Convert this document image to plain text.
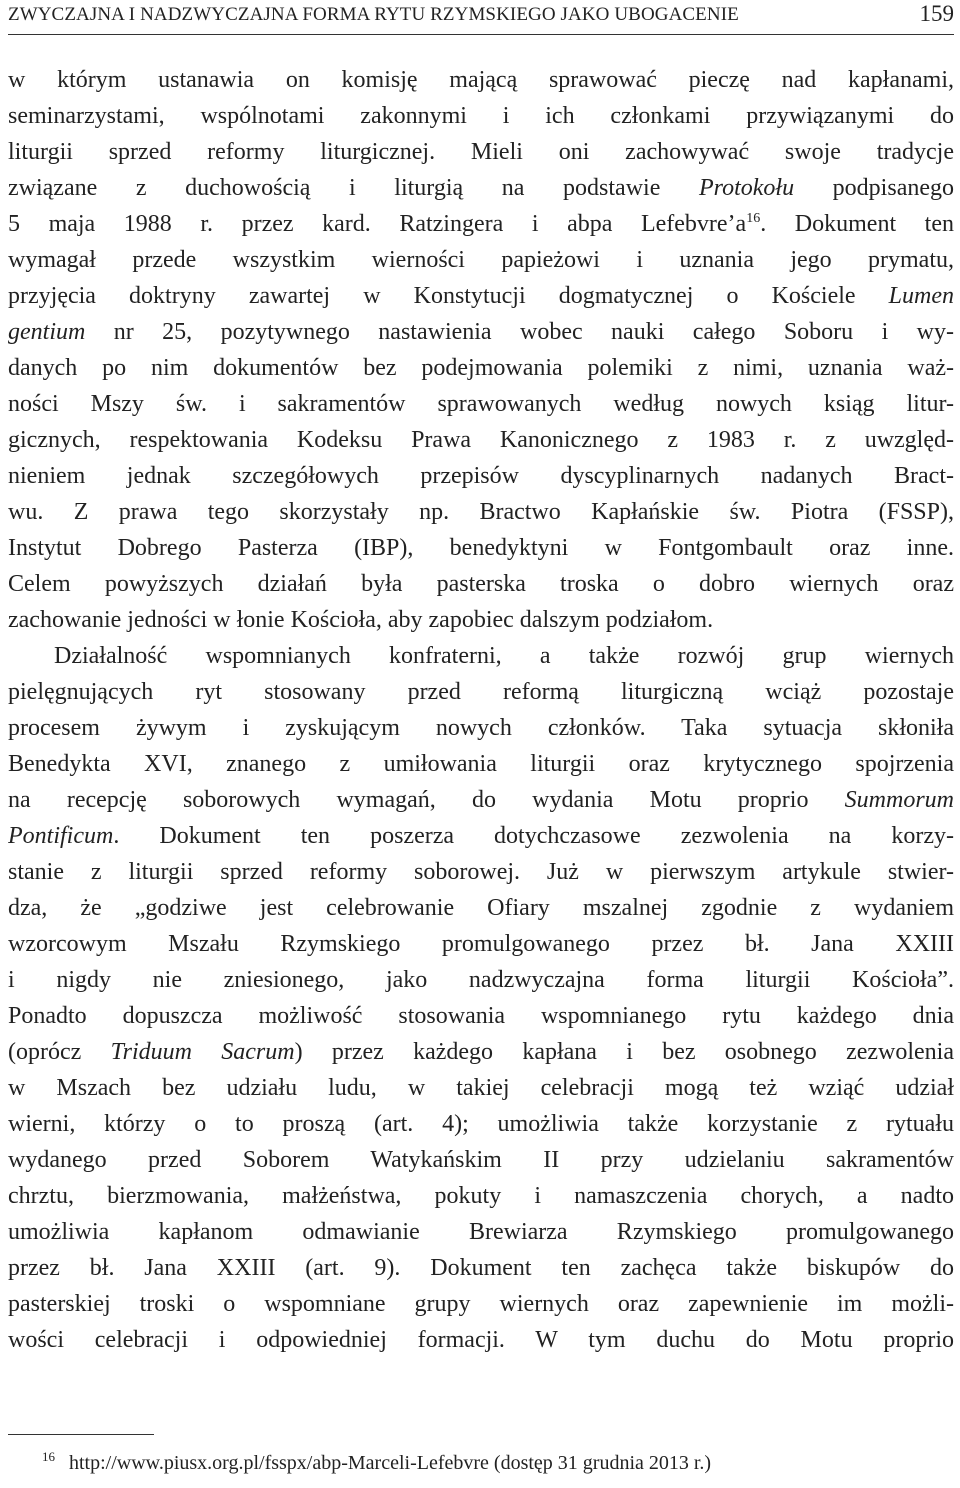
ZWYCZAJNA I NADZWYCZAJNA FORMA RYTU RZYMSKIEGO JAKO UBOGACENIE	159
w którym ustanawia on komisję mającą sprawować pieczę nad kapłanami,
seminarzystami, wspólnotami zakonnymi i ich członkami przywiązanymi do
liturgii sprzed reformy liturgicznej. Mieli oni zachowywać swoje tradycje
związane z duchowością i liturgią na podstawie Protokołu podpisanego
5 maja 1988 r. przez kard. Ratzingera i abpa $Lefebvre’a^{16}$. Dokument ten
wymagał przede wszystkim wierności papieżowi i uznania jego prymatu,
przyjęcia doktryny zawartej w Konstytucji dogmatycznej o Kościele Lumen
gentium nr 25, pozytywnego nastawienia wobec nauki całego Soboru i wy-
danych po nim dokumentów bez podejmowania polemiki z nimi, uznania waż-
ności Mszy św. i sakramentów sprawowanych według nowych ksiąg litur-
gicznych, respektowania Kodeksu Prawa Kanonicznego z 1983 r. z uwzględ-
nieniem jednak szczegółowych przepisów dyscyplinarnych nadanych Bract-
wu. Z prawa tego skorzystały np. Bractwo Kapłańskie św. Piotra (FSSP),
Instytut Dobrego Pasterza (IBP), benedyktyni w Fontgombault oraz inne.
Celem powyższych działań była pasterska troska o dobro wiernych oraz
zachowanie jedności w łonie Kościoła, aby zapobiec dalszym podziałom.
Działalność wspomnianych konfraterni, a także rozwój grup wiernych
pielęgnujących ryt stosowany przed reformą liturgiczną wciąż pozostaje
procesem żywym i zyskującym nowych członków. Taka sytuacja skłoniła
Benedykta XVI, znanego z umiłowania liturgii oraz krytycznego spojrzenia
na recepcję soborowych wymagań, do wydania Motu proprio Summorum
Pontificum. Dokument ten poszerza dotychczasowe zezwolenia na korzy-
stanie z liturgii sprzed reformy soborowej. Już w pierwszym artykule stwier-
dza, że „godziwe jest celebrowanie Ofiary mszalnej zgodnie z wydaniem
wzorcowym Mszału Rzymskiego promulgowanego przez bł. Jana XXIII
i nigdy nie zniesionego, jako nadzwyczajna forma liturgii Kościoła”.
Ponadto dopuszcza możliwość stosowania wspomnianego rytu każdego dnia
(oprócz Triduum Sacrum) przez każdego kapłana i bez osobnego zezwolenia
w Mszach bez udziału ludu, w takiej celebracji mogą też wziąć udział
wierni, którzy o to proszą (art. 4); umożliwia także korzystanie z rytuału
wydanego przed Soborem Watykańskim II przy udzielaniu sakramentów
chrztu, bierzmowania, małżeństwa, pokuty i namaszczenia chorych, a nadto
umożliwia kapłanom odmawianie Brewiarza Rzymskiego promulgowanego
przez bł. Jana XXIII (art. 9). Dokument ten zachęca także biskupów do
pasterskiej troski o wspomniane grupy wiernych oraz zapewnienie im możli-
wości celebracji i odpowiedniej formacji. W tym duchu do Motu proprio
$^{16}$ http://www.piusx.org.pl/fsspx/abp-Marceli-Lefebvre (dostęp 31 grudnia 2013 r.)
